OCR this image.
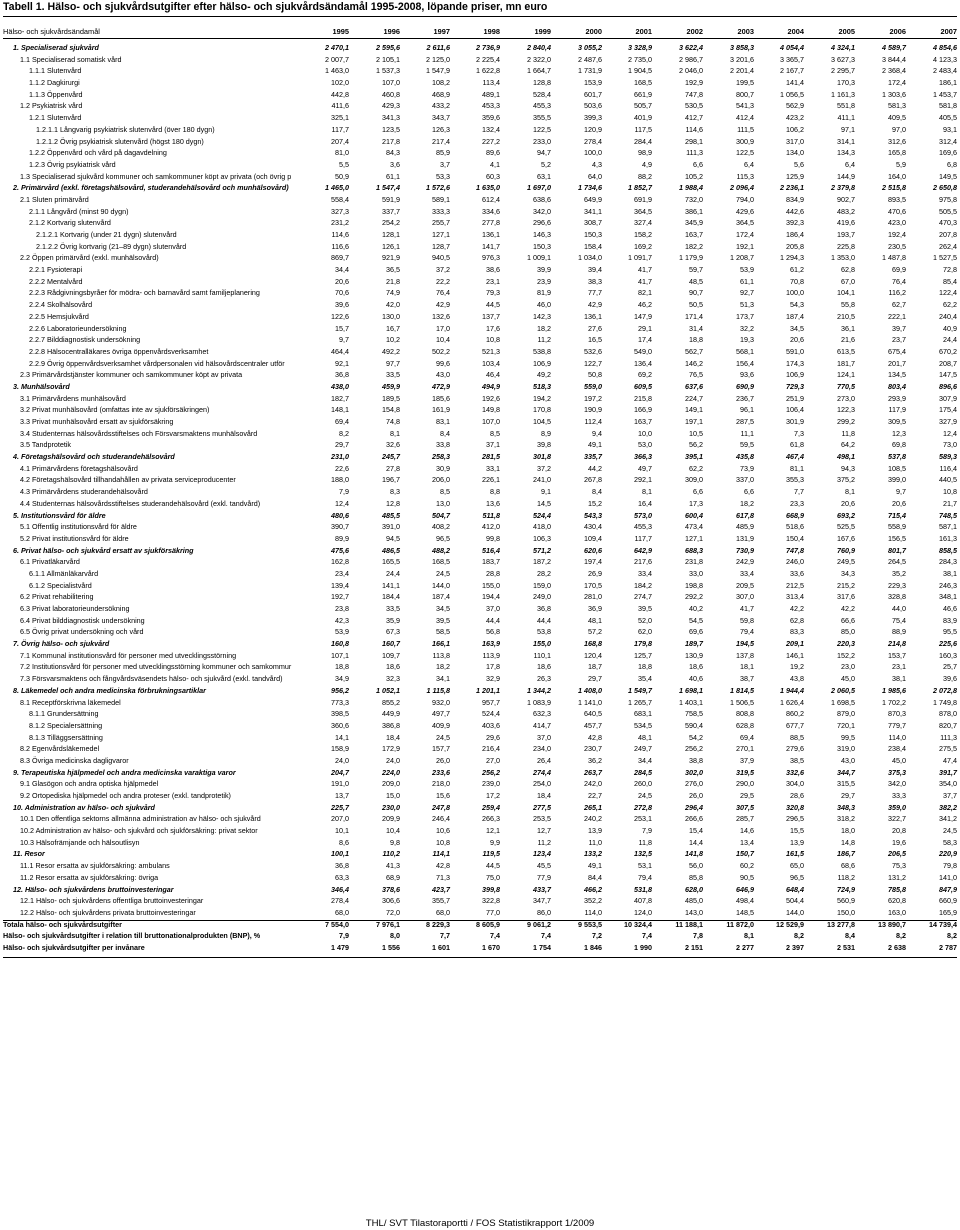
Tabell 1. Hälso- och sjukvårdsutgifter efter hälso- och sjukvårdsändamål 1995-2008, löpande priser, mn euro
Hälso- och sjukvårdsändamål	1995	1996	1997	1998	1999	2000	2001	2002	2003	2004	2005	2006	2007
1. Specialiserad sjukvård	2 470,1	2 595,6	2 611,6	2 736,9	2 840,4	3 055,2	3 328,9	3 622,4	3 858,3	4 054,4	4 324,1	4 589,7	4 854,6
1.1 Specialiserad somatisk vård	2 007,7	2 105,1	2 125,0	2 225,4	2 322,0	2 487,6	2 735,0	2 986,7	3 201,6	3 365,7	3 627,3	3 844,4	4 123,3
1.1.1 Slutenvård	1 463,0	1 537,3	1 547,9	1 622,8	1 664,7	1 731,9	1 904,5	2 046,0	2 201,4	2 167,7	2 295,7	2 368,4	2 483,4
1.1.2 Dagkirurgi	102,0	107,0	108,2	113,4	128,8	153,9	168,5	192,9	199,5	141,4	170,3	172,4	186,1
1.1.3 Öppenvård	442,8	460,8	468,9	489,1	528,4	601,7	661,9	747,8	800,7	1 056,5	1 161,3	1 303,6	1 453,7
1.2 Psykiatrisk vård	411,6	429,3	433,2	453,3	455,3	503,6	505,7	530,5	541,3	562,9	551,8	581,3	581,8
1.2.1 Slutenvård	325,1	341,3	343,7	359,6	355,5	399,3	401,9	412,7	412,4	423,2	411,1	409,5	405,5
1.2.1.1 Långvarig psykiatrisk slutenvård (över 180 dygn)	117,7	123,5	126,3	132,4	122,5	120,9	117,5	114,6	111,5	106,2	97,1	97,0	93,1
1.2.1.2 Övrig psykiatrisk slutenvård (högst 180 dygn)	207,4	217,8	217,4	227,2	233,0	278,4	284,4	298,1	300,9	317,0	314,1	312,6	312,4
1.2.2 Öppenvård och vård på dagavdelning	81,0	84,3	85,9	89,6	94,7	100,0	98,9	111,3	122,5	134,0	134,3	165,8	169,6
1.2.3 Övrig psykiatrisk vård	5,5	3,6	3,7	4,1	5,2	4,3	4,9	6,6	6,4	5,6	6,4	5,9	6,8
1.3 Specialiserad sjukvård kommuner och samkommuner köpt av privata (och övrig p	50,9	61,1	53,3	60,3	63,1	64,0	88,2	105,2	115,3	125,9	144,9	164,0	149,5
2. Primärvård (exkl. företagshälsovård, studerandehälsovård och munhälsovård)	1 465,0	1 547,4	1 572,6	1 635,0	1 697,0	1 734,6	1 852,7	1 988,4	2 096,4	2 236,1	2 379,8	2 515,8	2 650,8
2.1 Sluten primärvård	558,4	591,9	589,1	612,4	638,6	649,9	691,9	732,0	794,0	834,9	902,7	893,5	975,8
2.1.1 Långvård (minst 90 dygn)	327,3	337,7	333,3	334,6	342,0	341,1	364,5	386,1	429,6	442,6	483,2	470,6	505,5
2.1.2 Kortvarig slutenvård	231,2	254,2	255,7	277,8	296,6	308,7	327,4	345,9	364,5	392,3	419,6	423,0	470,3
2.1.2.1 Kortvarig (under 21 dygn) slutenvård	114,6	128,1	127,1	136,1	146,3	150,3	158,2	163,7	172,4	186,4	193,7	192,4	207,8
2.1.2.2 Övrig kortvarig (21–89 dygn) slutenvård	116,6	126,1	128,7	141,7	150,3	158,4	169,2	182,2	192,1	205,8	225,8	230,5	262,4
2.2 Öppen primärvård (exkl. munhälsovård)	869,7	921,9	940,5	976,3	1 009,1	1 034,0	1 091,7	1 179,9	1 208,7	1 294,3	1 353,0	1 487,8	1 527,5
2.2.1 Fysioterapi	34,4	36,5	37,2	38,6	39,9	39,4	41,7	59,7	53,9	61,2	62,8	69,9	72,8
2.2.2 Mentalvård	20,6	21,8	22,2	23,1	23,9	38,3	41,7	48,5	61,1	70,8	67,0	76,4	85,4
2.2.3 Rådgivningsbyråer för mödra- och barnavård samt familjeplanering	70,6	74,9	76,4	79,3	81,9	77,7	82,1	90,7	92,7	100,0	104,1	116,2	122,4
2.2.4 Skolhälsovård	39,6	42,0	42,9	44,5	46,0	42,9	46,2	50,5	51,3	54,3	55,8	62,7	62,2
2.2.5 Hemsjukvård	122,6	130,0	132,6	137,7	142,3	136,1	147,9	171,4	173,7	187,4	210,5	222,1	240,4
2.2.6 Laboratorieundersökning	15,7	16,7	17,0	17,6	18,2	27,6	29,1	31,4	32,2	34,5	36,1	39,7	40,9
2.2.7 Bilddiagnostisk undersökning	9,7	10,2	10,4	10,8	11,2	16,5	17,4	18,8	19,3	20,6	21,6	23,7	24,4
2.2.8 Hälsocentralläkares övriga öppenvårdsverksamhet	464,4	492,2	502,2	521,3	538,8	532,6	549,0	562,7	568,1	591,0	613,5	675,4	670,2
2.2.9 Övrig öppenvårdsverksamhet vårdpersonalen vid hälsovårdscentraler utför	92,1	97,7	99,6	103,4	106,9	122,7	136,4	146,2	156,4	174,3	181,7	201,7	208,7
2.3 Primärvårdstjänster kommuner och samkommuner köpt av privata	36,8	33,5	43,0	46,4	49,2	50,8	69,2	76,5	93,6	106,9	124,1	134,5	147,5
3. Munhälsovård	438,0	459,9	472,9	494,9	518,3	559,0	609,5	637,6	690,9	729,3	770,5	803,4	896,6
3.1 Primärvårdens munhälsovård	182,7	189,5	185,6	192,6	194,2	197,2	215,8	224,7	236,7	251,9	273,0	293,9	307,9
3.2 Privat munhälsovård (omfattas inte av sjukförsäkringen)	148,1	154,8	161,9	149,8	170,8	190,9	166,9	149,1	96,1	106,4	122,3	117,9	175,4
3.3 Privat munhälsovård ersatt av sjukförsäkring	69,4	74,8	83,1	107,0	104,5	112,4	163,7	197,1	287,5	301,9	299,2	309,5	327,9
3.4 Studenternas hälsovårdsstiftelses och Försvarsmaktens munhälsovård	8,2	8,1	8,4	8,5	8,9	9,4	10,0	10,5	11,1	7,3	11,8	12,3	12,4
3.5 Tandprotetik	29,7	32,6	33,8	37,1	39,8	49,1	53,0	56,2	59,5	61,8	64,2	69,8	73,0
4. Företagshälsovård och studerandehälsovård	231,0	245,7	258,3	281,5	301,8	335,7	366,3	395,1	435,8	467,4	498,1	537,8	589,3
4.1 Primärvårdens företagshälsovård	22,6	27,8	30,9	33,1	37,2	44,2	49,7	62,2	73,9	81,1	94,3	108,5	116,4
4.2 Företagshälsovård tillhandahållen av privata serviceproducenter	188,0	196,7	206,0	226,1	241,0	267,8	292,1	309,0	337,0	355,3	375,2	399,0	440,5
4.3 Primärvårdens studerandehälsovård	7,9	8,3	8,5	8,8	9,1	8,4	8,1	6,6	6,6	7,7	8,1	9,7	10,8
4.4 Studenternas hälsovårdsstiftelses studerandehälsovård (exkl. tandvård)	12,4	12,8	13,0	13,6	14,5	15,2	16,4	17,3	18,2	23,3	20,6	20,6	21,7
5. Institutionsvård för äldre	480,6	485,5	504,7	511,8	524,4	543,3	573,0	600,4	617,8	668,9	693,2	715,4	748,5
5.1 Offentlig institutionsvård för äldre	390,7	391,0	408,2	412,0	418,0	430,4	455,3	473,4	485,9	518,6	525,5	558,9	587,1
5.2 Privat institutionsvård för äldre	89,9	94,5	96,5	99,8	106,3	109,4	117,7	127,1	131,9	150,4	167,6	156,5	161,3
6. Privat hälso- och sjukvård ersatt av sjukförsäkring	475,6	486,5	488,2	516,4	571,2	620,6	642,9	688,3	730,9	747,8	760,9	801,7	858,5
6.1 Privatläkarvård	162,8	165,5	168,5	183,7	187,2	197,4	217,6	231,8	242,9	246,0	249,5	264,5	284,3
6.1.1 Allmänläkarvård	23,4	24,4	24,5	28,8	28,2	26,9	33,4	33,0	33,4	33,6	34,3	35,2	38,1
6.1.2 Specialistvård	139,4	141,1	144,0	155,0	159,0	170,5	184,2	198,8	209,5	212,5	215,2	229,3	246,3
6.2 Privat rehabilitering	192,7	184,4	187,4	194,4	249,0	281,0	274,7	292,2	307,0	313,4	317,6	328,8	348,1
6.3 Privat laboratorieundersökning	23,8	33,5	34,5	37,0	36,8	36,9	39,5	40,2	41,7	42,2	42,2	44,0	46,6
6.4 Privat bilddiagnostisk undersökning	42,3	35,9	39,5	44,4	44,4	48,1	52,0	54,5	59,8	62,8	66,6	75,4	83,9
6.5 Övrig privat undersökning och vård	53,9	67,3	58,5	56,8	53,8	57,2	62,0	69,6	79,4	83,3	85,0	88,9	95,5
7. Övrig hälso- och sjukvård	160,8	160,7	166,1	163,9	155,0	168,8	179,8	189,7	194,5	209,1	220,3	214,8	225,6
7.1 Kommunal institutionsvård för personer med utvecklingsstörning	107,1	109,7	113,8	113,9	110,1	120,4	125,7	130,9	137,8	146,1	152,2	153,7	160,3
7.2 Institutionsvård för personer med utvecklingsstörning kommuner och samkommur	18,8	18,6	18,2	17,8	18,6	18,7	18,8	18,6	18,1	19,2	23,0	23,1	25,7
7.3 Försvarsmaktens och fångvårdsväsendets hälso- och sjukvård (exkl. tandvård)	34,9	32,3	34,1	32,9	26,3	29,7	35,4	40,6	38,7	43,8	45,0	38,1	39,6
8. Läkemedel och andra medicinska förbrukningsartiklar	956,2	1 052,1	1 115,8	1 201,1	1 344,2	1 408,0	1 549,7	1 698,1	1 814,5	1 944,4	2 060,5	1 985,6	2 072,8
8.1 Receptförskrivna läkemedel	773,3	855,2	932,0	957,7	1 083,9	1 141,0	1 265,7	1 403,1	1 506,5	1 626,4	1 698,5	1 702,2	1 749,8
8.1.1 Grundersättning	398,5	449,9	497,7	524,4	632,3	640,5	683,1	758,5	808,8	860,2	879,0	870,3	878,0
8.1.2 Specialersättning	360,6	386,8	409,9	403,6	414,7	457,7	534,5	590,4	628,8	677,7	720,1	779,7	820,7
8.1.3 Tilläggsersättning	14,1	18,4	24,5	29,6	37,0	42,8	48,1	54,2	69,4	88,5	99,5	114,0	111,3
8.2 Egenvårdsläkemedel	158,9	172,9	157,7	216,4	234,0	230,7	249,7	256,2	270,1	279,6	319,0	238,4	275,5
8.3 Övriga medicinska dagligvaror	24,0	24,0	26,0	27,0	26,4	36,2	34,4	38,8	37,9	38,5	43,0	45,0	47,4
9. Terapeutiska hjälpmedel och andra medicinska varaktiga varor	204,7	224,0	233,6	256,2	274,4	263,7	284,5	302,0	319,5	332,6	344,7	375,3	391,7
9.1 Glasögon och andra optiska hjälpmedel	191,0	209,0	218,0	239,0	254,0	242,0	260,0	276,0	290,0	304,0	315,5	342,0	354,0
9.2 Ortopediska hjälpmedel och andra proteser (exkl. tandprotetik)	13,7	15,0	15,6	17,2	18,4	22,7	24,5	26,0	29,5	28,6	29,7	33,3	37,7
10. Administration av hälso- och sjukvård	225,7	230,0	247,8	259,4	277,5	265,1	272,8	296,4	307,5	320,8	348,3	359,0	382,2
10.1 Den offentliga sektorns allmänna administration av hälso- och sjukvård	207,0	209,9	246,4	266,3	253,5	240,2	253,1	266,6	285,7	296,5	318,2	322,7	341,2
10.2 Administration av hälso- och sjukvård och sjukförsäkring: privat sektor	10,1	10,4	10,6	12,1	12,7	13,9	7,9	15,4	14,6	15,5	18,0	20,8	24,5
10.3 Hälsofrämjande och hälsoutlisyn	8,6	9,8	10,8	9,9	11,2	11,0	11,8	14,4	13,4	13,9	14,8	19,6	58,3
11. Resor	100,1	110,2	114,1	119,5	123,4	133,2	132,5	141,8	150,7	161,5	186,7	206,5	220,9
11.1 Resor ersatta av sjukförsäkring: ambulans	36,8	41,3	42,8	44,5	45,5	49,1	53,1	56,0	60,2	65,0	68,6	75,3	79,8
11.2 Resor ersatta av sjukförsäkring: övriga	63,3	68,9	71,3	75,0	77,9	84,4	79,4	85,8	90,5	96,5	118,2	131,2	141,0
12. Hälso- och sjukvårdens bruttoinvesteringar	346,4	378,6	423,7	399,8	433,7	466,2	531,8	628,0	646,9	648,4	724,9	785,8	847,9
12.1 Hälso- och sjukvårdens offentliga bruttoinvesteringar	278,4	306,6	355,7	322,8	347,7	352,2	407,8	485,0	498,4	504,4	560,9	620,8	660,9
12.2 Hälso- och sjukvårdens privata bruttoinvesteringar	68,0	72,0	68,0	77,0	86,0	114,0	124,0	143,0	148,5	144,0	150,0	163,0	165,9
Totala hälso- och sjukvårdsutgifter	7 554,0	7 976,1	8 229,3	8 605,9	9 061,2	9 553,5	10 324,4	11 188,1	11 872,0	12 529,9	13 277,8	13 890,7	14 739,4
Hälso- och sjukvårdsutgifter i relation till bruttonationalprodukten (BNP), %	7,9	8,0	7,7	7,4	7,4	7,2	7,4	7,8	8,1	8,2	8,4	8,2	8,2
Hälso- och sjukvårdsutgifter per invånare	1 479	1 556	1 601	1 670	1 754	1 846	1 990	2 151	2 277	2 397	2 531	2 638	2 787
THL/ SVT Tilastoraportti / FOS Statistikrapport 1/2009
